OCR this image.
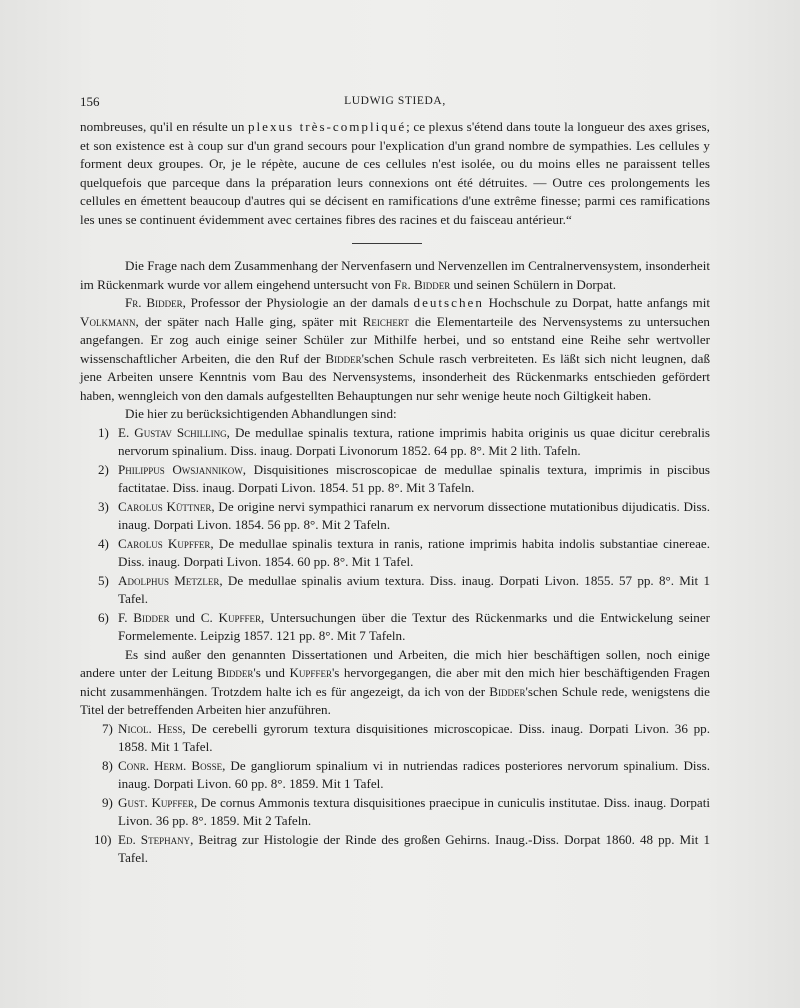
156	LUDWIG STIEDA,

nombreuses, qu'il en résulte un plexus très-compliqué; ce plexus s'étend dans toute la longueur des axes grises, et son existence est à coup sur d'un grand secours pour l'explication d'un grand nombre de sympathies. Les cellules y forment deux groupes. Or, je le répète, aucune de ces cellules n'est isolée, ou du moins elles ne paraissent telles quelquefois que parceque dans la préparation leurs connexions ont été détruites. — Outre ces prolongements les cellules en émettent beaucoup d'autres qui se décisent en ramifications d'une extrême finesse; parmi ces ramifications les unes se continuent évidemment avec certaines fibres des racines et du faisceau antérieur.“

Die Frage nach dem Zusammenhang der Nervenfasern und Nervenzellen im Centralnervensystem, insonderheit im Rückenmark wurde vor allem eingehend untersucht von Fr. Bidder und seinen Schülern in Dorpat.

Fr. Bidder, Professor der Physiologie an der damals deutschen Hochschule zu Dorpat, hatte anfangs mit Volkmann, der später nach Halle ging, später mit Reichert die Elementarteile des Nervensystems zu untersuchen angefangen. Er zog auch einige seiner Schüler zur Mithilfe herbei, und so entstand eine Reihe sehr wertvoller wissenschaftlicher Arbeiten, die den Ruf der Bidder'schen Schule rasch verbreiteten. Es läßt sich nicht leugnen, daß jene Arbeiten unsere Kenntnis vom Bau des Nervensystems, insonderheit des Rückenmarks entschieden gefördert haben, wenngleich von den damals aufgestellten Behauptungen nur sehr wenige heute noch Giltigkeit haben.

Die hier zu berücksichtigenden Abhandlungen sind:

1) E. Gustav Schilling, De medullae spinalis textura, ratione imprimis habita originis us quae dicitur cerebralis nervorum spinalium. Diss. inaug. Dorpati Livonorum 1852. 64 pp. 8°. Mit 2 lith. Tafeln.
2) Philippus Owsjannikow, Disquisitiones miscroscopicae de medullae spinalis textura, imprimis in piscibus factitatae. Diss. inaug. Dorpati Livon. 1854. 51 pp. 8°. Mit 3 Tafeln.
3) Carolus Küttner, De origine nervi sympathici ranarum ex nervorum dissectione mutationibus dijudicatis. Diss. inaug. Dorpati Livon. 1854. 56 pp. 8°. Mit 2 Tafeln.
4) Carolus Kupffer, De medullae spinalis textura in ranis, ratione imprimis habita indolis substantiae cinereae. Diss. inaug. Dorpati Livon. 1854. 60 pp. 8°. Mit 1 Tafel.
5) Adolphus Metzler, De medullae spinalis avium textura. Diss. inaug. Dorpati Livon. 1855. 57 pp. 8°. Mit 1 Tafel.
6) F. Bidder und C. Kupffer, Untersuchungen über die Textur des Rückenmarks und die Entwickelung seiner Formelemente. Leipzig 1857. 121 pp. 8°. Mit 7 Tafeln.

Es sind außer den genannten Dissertationen und Arbeiten, die mich hier beschäftigen sollen, noch einige andere unter der Leitung Bidder's und Kupffer's hervorgegangen, die aber mit den mich hier beschäftigenden Fragen nicht zusammenhängen. Trotzdem halte ich es für angezeigt, da ich von der Bidder'schen Schule rede, wenigstens die Titel der betreffenden Arbeiten hier anzuführen.

7) Nicol. Hess, De cerebelli gyrorum textura disquisitiones microscopicae. Diss. inaug. Dorpati Livon. 36 pp. 1858. Mit 1 Tafel.
8) Conr. Herm. Bosse, De gangliorum spinalium vi in nutriendas radices posteriores nervorum spinalium. Diss. inaug. Dorpati Livon. 60 pp. 8°. 1859. Mit 1 Tafel.
9) Gust. Kupffer, De cornus Ammonis textura disquisitiones praecipue in cuniculis institutae. Diss. inaug. Dorpati Livon. 36 pp. 8°. 1859. Mit 2 Tafeln.
10) Ed. Stephany, Beitrag zur Histologie der Rinde des großen Gehirns. Inaug.-Diss. Dorpat 1860. 48 pp. Mit 1 Tafel.
